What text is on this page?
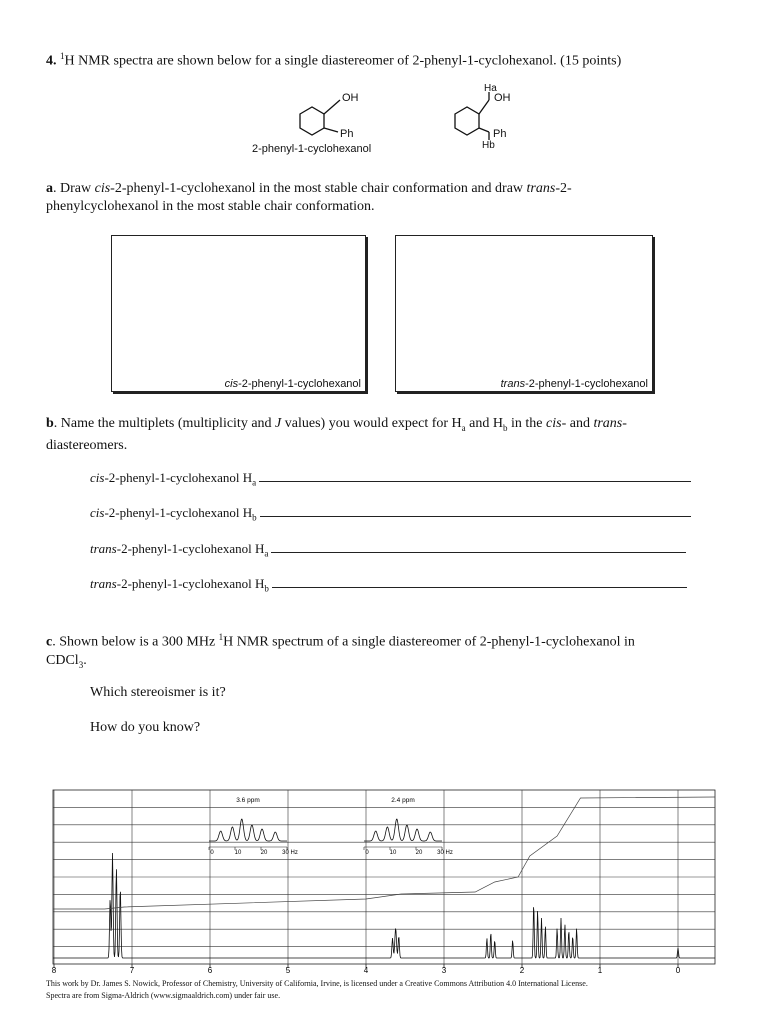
4. $^1$H NMR spectra are shown below for a single diastereomer of 2-phenyl-1-cyclohexanol. (15 points)
OH
Ph
2-phenyl-1-cyclohexanol
Ha
OH
Ph
Hb
a. Draw cis-2-phenyl-1-cyclohexanol in the most stable chair conformation and draw trans-2-
phenylcyclohexanol in the most stable chair conformation.
cis-2-phenyl-1-cyclohexanol	trans-2-phenyl-1-cyclohexanol
b. Name the multiplets (multiplicity and J values) you would expect for $H_a$ and $H_b$ in the cis- and trans-
diastereomers.
cis-2-phenyl-1-cyclohexanol $H_a$
cis-2-phenyl-1-cyclohexanol $H_b$
trans-2-phenyl-1-cyclohexanol $H_a$
trans-2-phenyl-1-cyclohexanol $H_b$
c. Shown below is a 300 MHz $^1$H NMR spectrum of a single diastereomer of 2-phenyl-1-cyclohexanol in
CDCl$_3$.
Which stereoismer is it?
How do you know?
8	7	6	5	4	3	2	1	0
3.6 ppm
0	10	20 30 Hz
2.4 ppm
0	10	20 30 Hz
This work by Dr. James S. Nowick, Professor of Chemistry, University of California, Irvine, is licensed under a Creative Commons Attribution 4.0 International License.
Spectra are from Sigma-Aldrich (www.sigmaaldrich.com) under fair use.
